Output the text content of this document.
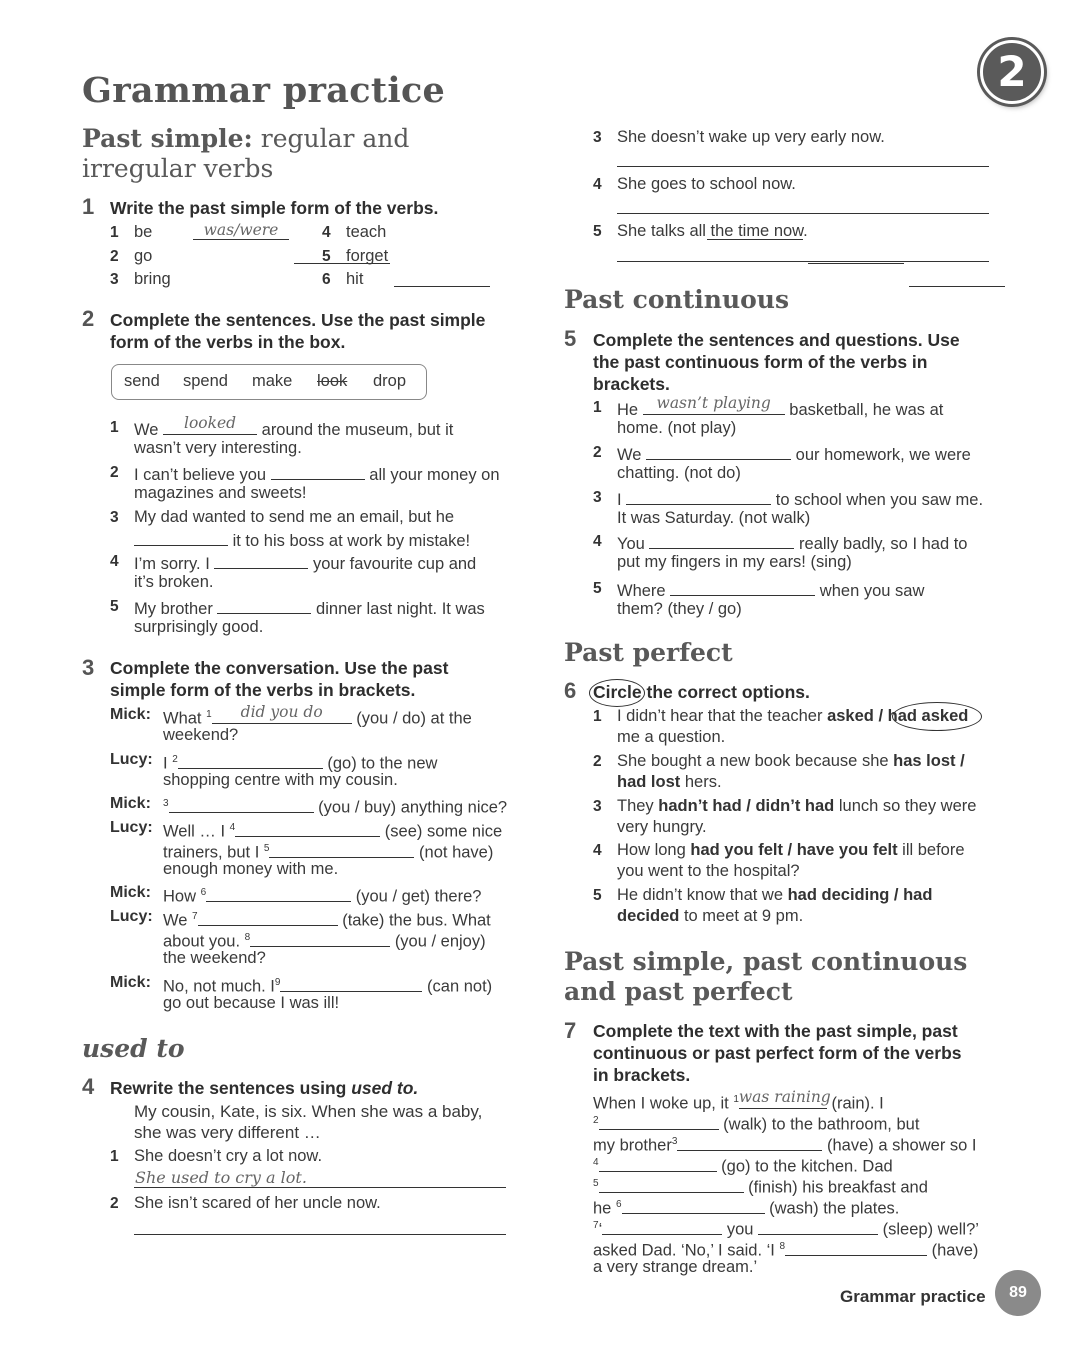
2
Grammar practice
Past simple: regular and
irregular verbs
1 Write the past simple form of the verbs.
1 be	was/were

2 go

3 bring

4 teach

5 forget

6 hit
2 Complete the sentences. Use the past simple
form of the verbs in the box.
send spend make look drop
1 We	looked	around the museum, but it
wasn’t very interesting.
2 I can’t believe you	all your money on
magazines and sweets!
3 My dad wanted to send me an email, but he
it to his boss at work by mistake!
4 I’m sorry. I	your favourite cup and
it’s broken.
5 My brother	dinner last night. It was
surprisingly good.
3 Complete the conversation. Use the past
simple form of the verbs in brackets.
Mick: What $^1$	did you do	(you / do) at the
weekend?
Lucy: I $^2$	(go) to the new
shopping centre with my cousin.
Mick: $^3$	(you / buy) anything nice?
Lucy: Well … I $^4$	(see) some nice
trainers, but I $^5$	(not have)
enough money with me.
Mick: How $^6$	(you / get) there?
Lucy: We $^7$	(take) the bus. What
about you. $^8$	(you / enjoy)
the weekend?
Mick: No, not much. $I^9$	(can not)
go out because I was ill!
used to
4 Rewrite the sentences using used to.
My cousin, Kate, is six. When she was a baby,
she was very different …
1 She doesn’t cry a lot now.
She used to cry a lot.
2 She isn’t scared of her uncle now.
3 She doesn’t wake up very early now.
4 She goes to school now.
5 She talks all the time now.
Past continuous
5 Complete the sentences and questions. Use
the past continuous form of the verbs in
brackets.
1 He	wasn’t playing	basketball, he was at
home. (not play)
2 We	our homework, we were
chatting. (not do)
3 I	to school when you saw me.
It was Saturday. (not walk)
4 You	really badly, so I had to
put my fingers in my ears! (sing)
5 Where	when you saw
them? (they / go)
Past perfect
6 Circle the correct options.
1 I didn’t hear that the teacher asked / had asked
me a question.
2 She bought a new book because she has lost /
had lost hers.
3 They hadn’t had / didn’t had lunch so they were
very hungry.
4 How long had you felt / have you felt ill before
you went to the hospital?
5 He didn’t know that we had deciding / had
decided to meet at 9 pm.
Past simple, past continuous
and past perfect
7 Complete the text with the past simple, past
continuous or past perfect form of the verbs
in brackets.
When I woke up, it $^1$ was raining (rain). I
$^2$	(walk) to the bathroom, but
my brother$^3$	(have) a shower so I
$^4$	(go) to the kitchen. Dad
$^5$	(finish) his breakfast and
he $^6$	(wash) the plates.
$^7$‘	you	(sleep) well?’
asked Dad. ‘No,’ I said. ‘I $^8$	(have)
a very strange dream.’
Grammar practice	89
